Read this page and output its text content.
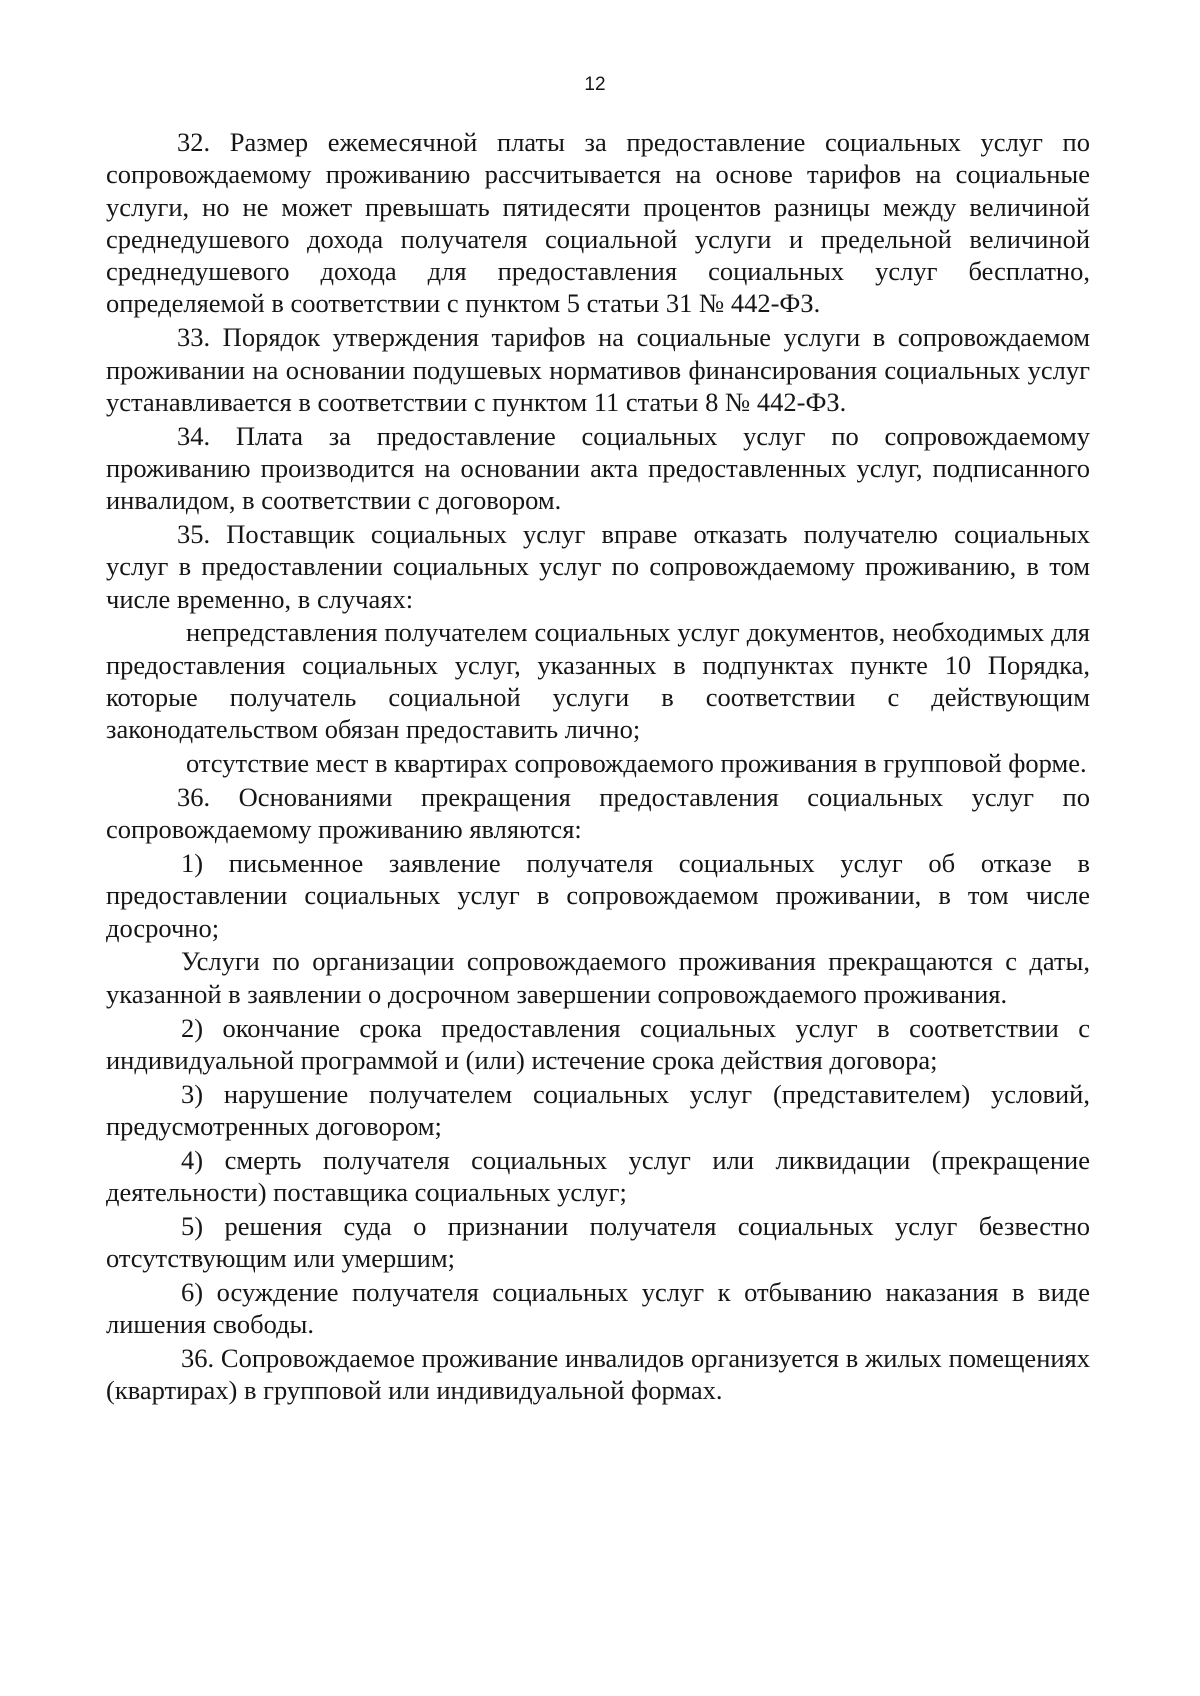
12

32. Размер ежемесячной платы за предоставление социальных услуг по сопровождаемому проживанию рассчитывается на основе тарифов на социальные услуги, но не может превышать пятидесяти процентов разницы между величиной среднедушевого дохода получателя социальной услуги и предельной величиной среднедушевого дохода для предоставления социальных услуг бесплатно, определяемой в соответствии с пунктом 5 статьи 31 № 442-ФЗ.

33. Порядок утверждения тарифов на социальные услуги в сопровождаемом проживании на основании подушевых нормативов финансирования социальных услуг устанавливается в соответствии с пунктом 11 статьи 8 № 442-ФЗ.

34. Плата за предоставление социальных услуг по сопровождаемому проживанию производится на основании акта предоставленных услуг, подписанного инвалидом, в соответствии с договором.

35. Поставщик социальных услуг вправе отказать получателю социальных услуг в предоставлении социальных услуг по сопровождаемому проживанию, в том числе временно, в случаях:

непредставления получателем социальных услуг документов, необходимых для предоставления социальных услуг, указанных в подпунктах пункте 10 Порядка, которые получатель социальной услуги в соответствии с действующим законодательством обязан предоставить лично;

отсутствие мест в квартирах сопровождаемого проживания в групповой форме.

36. Основаниями прекращения предоставления социальных услуг по сопровождаемому проживанию являются:

1) письменное заявление получателя социальных услуг об отказе в предоставлении социальных услуг в сопровождаемом проживании, в том числе досрочно;

Услуги по организации сопровождаемого проживания прекращаются с даты, указанной в заявлении о досрочном завершении сопровождаемого проживания.

2) окончание срока предоставления социальных услуг в соответствии с индивидуальной программой и (или) истечение срока действия договора;

3) нарушение получателем социальных услуг (представителем) условий, предусмотренных договором;

4) смерть получателя социальных услуг или ликвидации (прекращение деятельности) поставщика социальных услуг;

5) решения суда о признании получателя социальных услуг безвестно отсутствующим или умершим;

6) осуждение получателя социальных услуг к отбыванию наказания в виде лишения свободы.

36. Сопровождаемое проживание инвалидов организуется в жилых помещениях (квартирах) в групповой или индивидуальной формах.
